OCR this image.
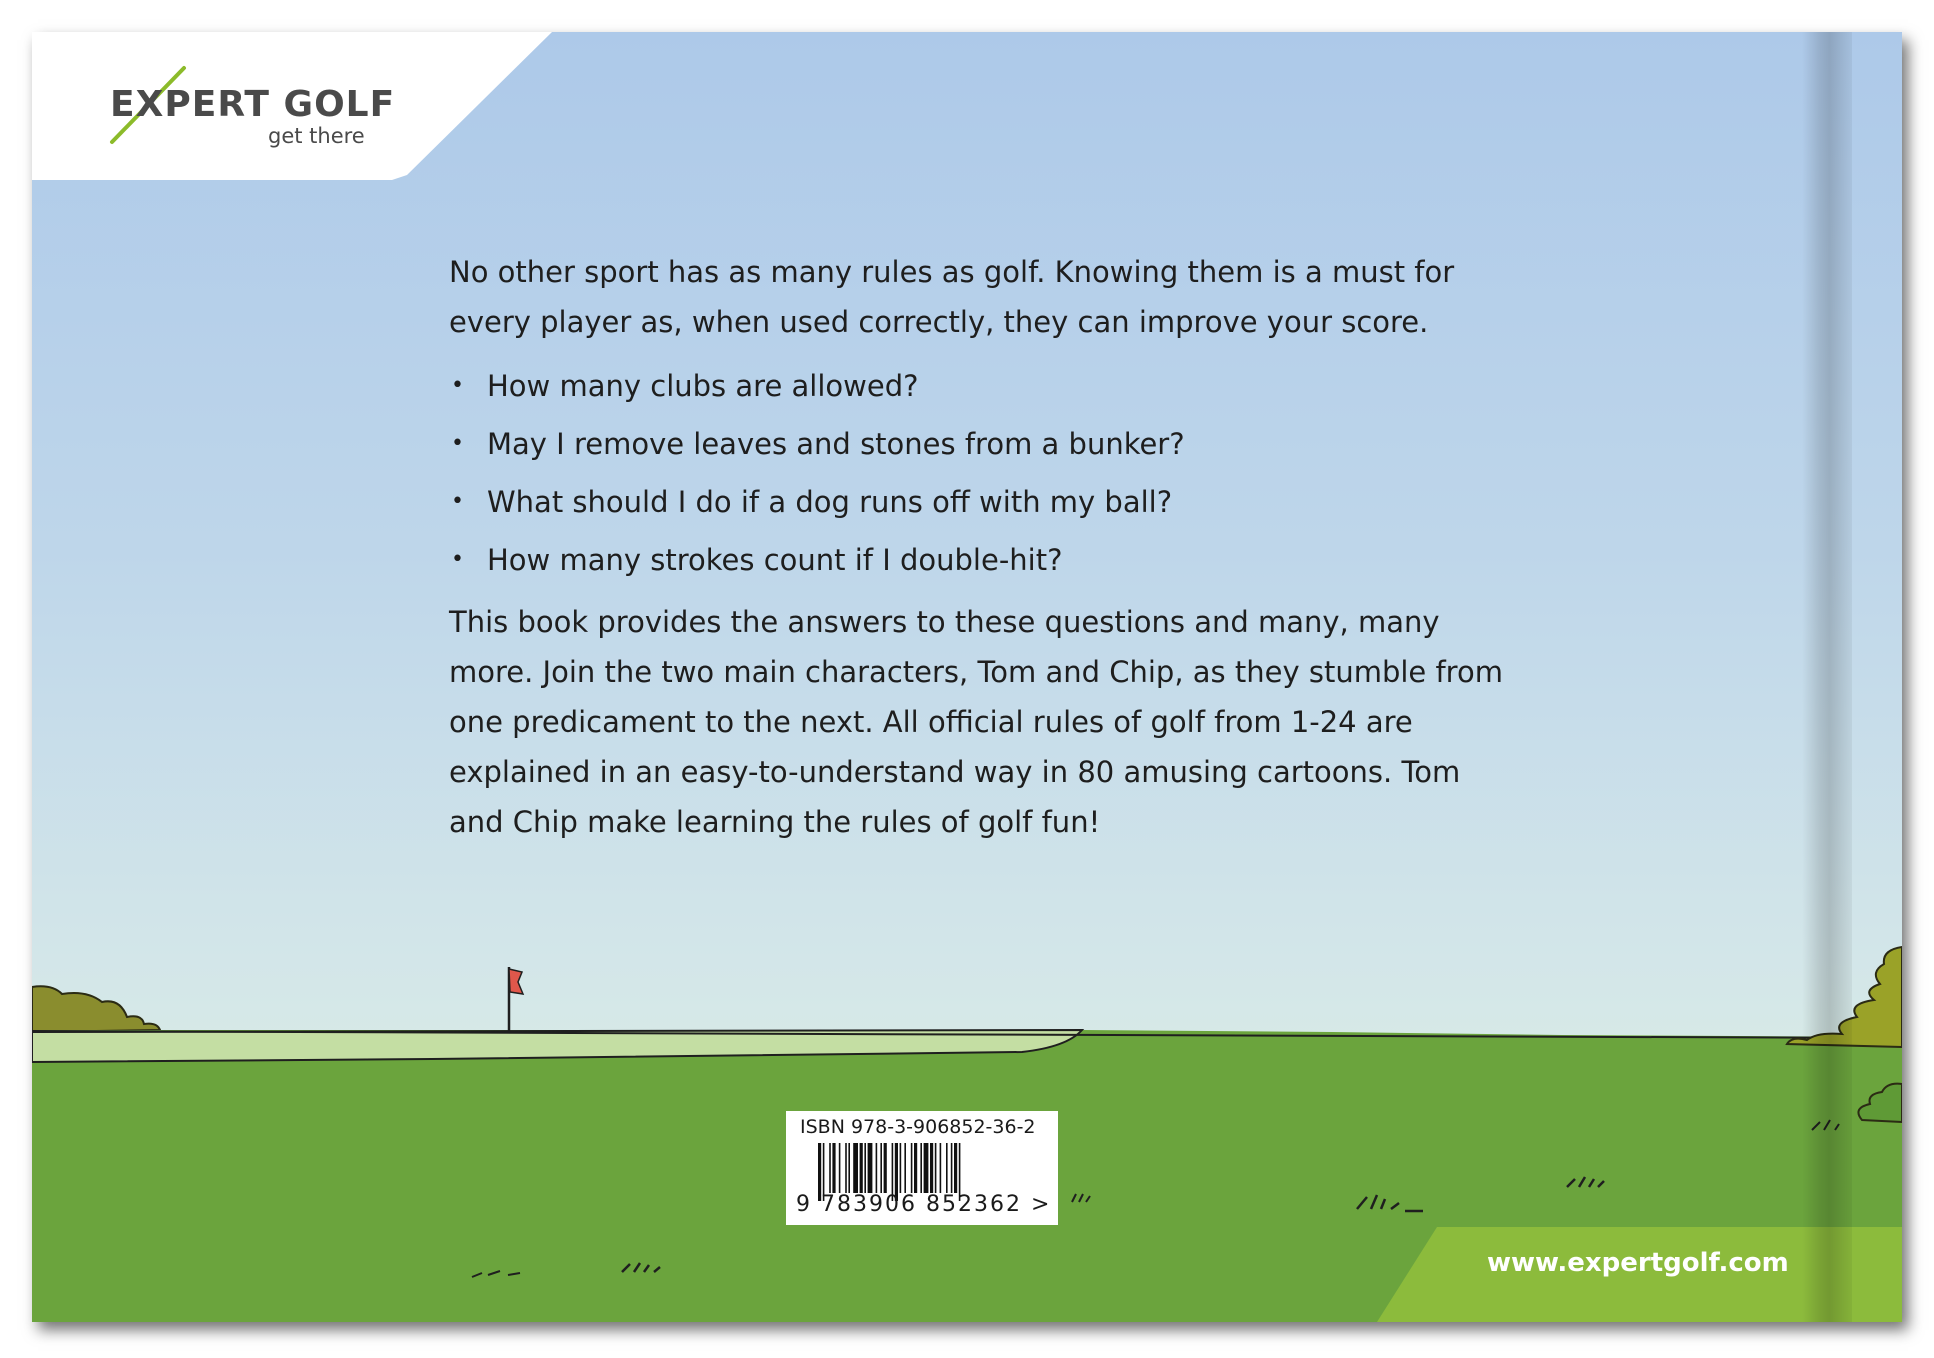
EXPERT GOLF
get there

No other sport has as many rules as golf. Knowing them is a must for every player as, when used correctly, they can improve your score.

• How many clubs are allowed?
• May I remove leaves and stones from a bunker?
• What should I do if a dog runs off with my ball?
• How many strokes count if I double-hit?

This book provides the answers to these questions and many, many more. Join the two main characters, Tom and Chip, as they stumble from one predicament to the next. All official rules of golf from 1-24 are explained in an easy-to-understand way in 80 amusing cartoons. Tom and Chip make learning the rules of golf fun!

ISBN 978-3-906852-36-2
9 783906 852362 >
www.expertgolf.com
